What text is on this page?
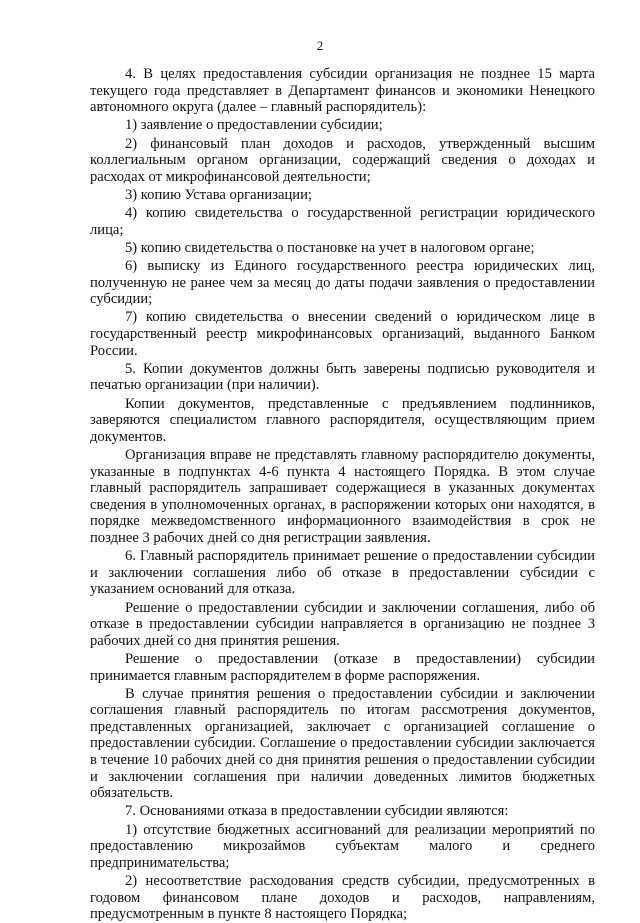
2

4. В целях предоставления субсидии организация не позднее 15 марта текущего года представляет в Департамент финансов и экономики Ненецкого автономного округа (далее – главный распорядитель):

1) заявление о предоставлении субсидии;

2) финансовый план доходов и расходов, утвержденный высшим коллегиальным органом организации, содержащий сведения о доходах и расходах от микрофинансовой деятельности;

3) копию Устава организации;

4) копию свидетельства о государственной регистрации юридического лица;

5) копию свидетельства о постановке на учет в налоговом органе;

6) выписку из Единого государственного реестра юридических лиц, полученную не ранее чем за месяц до даты подачи заявления о предоставлении субсидии;

7) копию свидетельства о внесении сведений о юридическом лице в государственный реестр микрофинансовых организаций, выданного Банком России.

5. Копии документов должны быть заверены подписью руководителя и печатью организации (при наличии).

Копии документов, представленные с предъявлением подлинников, заверяются специалистом главного распорядителя, осуществляющим прием документов.

Организация вправе не представлять главному распорядителю документы, указанные в подпунктах 4-6 пункта 4 настоящего Порядка. В этом случае главный распорядитель запрашивает содержащиеся в указанных документах сведения в уполномоченных органах, в распоряжении которых они находятся, в порядке межведомственного информационного взаимодействия в срок не позднее 3 рабочих дней со дня регистрации заявления.

6. Главный распорядитель принимает решение о предоставлении субсидии и заключении соглашения либо об отказе в предоставлении субсидии с указанием оснований для отказа.

Решение о предоставлении субсидии и заключении соглашения, либо об отказе в предоставлении субсидии направляется в организацию не позднее 3 рабочих дней со дня принятия решения.

Решение о предоставлении (отказе в предоставлении) субсидии принимается главным распорядителем в форме распоряжения.

В случае принятия решения о предоставлении субсидии и заключении соглашения главный распорядитель по итогам рассмотрения документов, представленных организацией, заключает с организацией соглашение о предоставлении субсидии. Соглашение о предоставлении субсидии заключается в течение 10 рабочих дней со дня принятия решения о предоставлении субсидии и заключении соглашения при наличии доведенных лимитов бюджетных обязательств.

7. Основаниями отказа в предоставлении субсидии являются:

1) отсутствие бюджетных ассигнований для реализации мероприятий по предоставлению микрозаймов субъектам малого и среднего предпринимательства;

2) несоответствие расходования средств субсидии, предусмотренных в годовом финансовом плане доходов и расходов, направлениям, предусмотренным в пункте 8 настоящего Порядка;
